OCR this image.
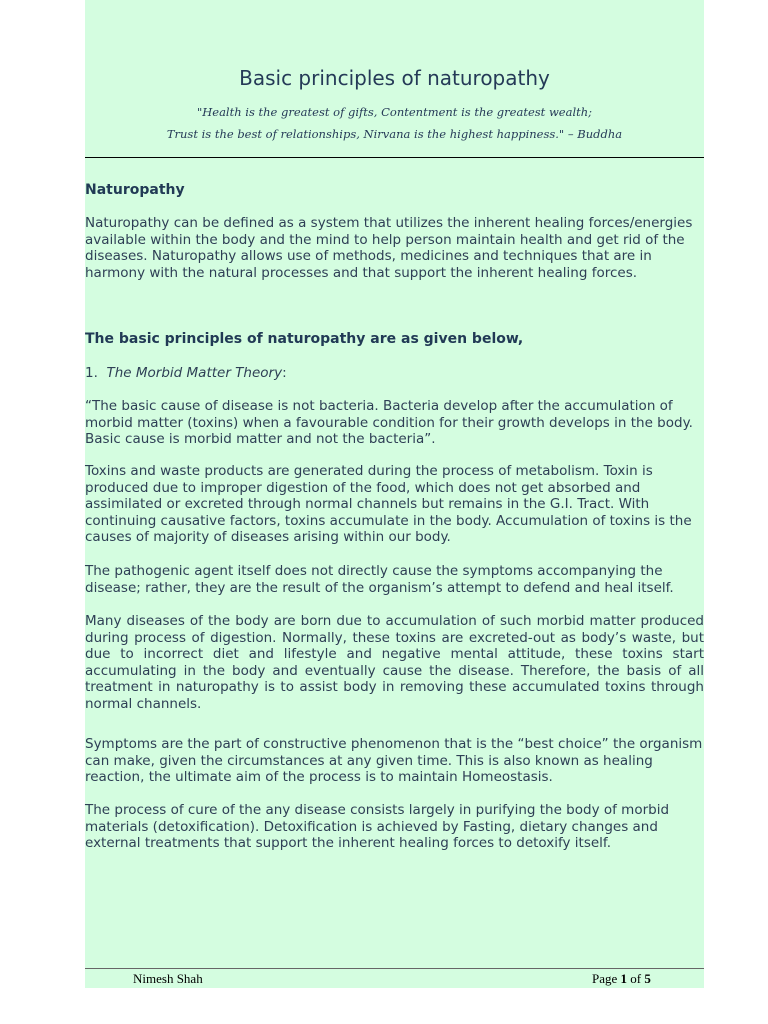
Basic principles of naturopathy
"Health is the greatest of gifts, Contentment is the greatest wealth;
Trust is the best of relationships, Nirvana is the highest happiness." – Buddha

Naturopathy

Naturopathy can be defined as a system that utilizes the inherent healing forces/energies available within the body and the mind to help person maintain health and get rid of the diseases. Naturopathy allows use of methods, medicines and techniques that are in harmony with the natural processes and that support the inherent healing forces.

The basic principles of naturopathy are as given below,

1. The Morbid Matter Theory:

“The basic cause of disease is not bacteria. Bacteria develop after the accumulation of morbid matter (toxins) when a favourable condition for their growth develops in the body. Basic cause is morbid matter and not the bacteria”.

Toxins and waste products are generated during the process of metabolism. Toxin is produced due to improper digestion of the food, which does not get absorbed and assimilated or excreted through normal channels but remains in the G.I. Tract. With continuing causative factors, toxins accumulate in the body. Accumulation of toxins is the causes of majority of diseases arising within our body.

The pathogenic agent itself does not directly cause the symptoms accompanying the disease; rather, they are the result of the organism’s attempt to defend and heal itself.

Many diseases of the body are born due to accumulation of such morbid matter produced during process of digestion. Normally, these toxins are excreted-out as body’s waste, but due to incorrect diet and lifestyle and negative mental attitude, these toxins start accumulating in the body and eventually cause the disease. Therefore, the basis of all treatment in naturopathy is to assist body in removing these accumulated toxins through normal channels.

Symptoms are the part of constructive phenomenon that is the “best choice” the organism can make, given the circumstances at any given time. This is also known as healing reaction, the ultimate aim of the process is to maintain Homeostasis.

The process of cure of the any disease consists largely in purifying the body of morbid materials (detoxification). Detoxification is achieved by Fasting, dietary changes and external treatments that support the inherent healing forces to detoxify itself.

Nimesh Shah	Page 1 of 5
